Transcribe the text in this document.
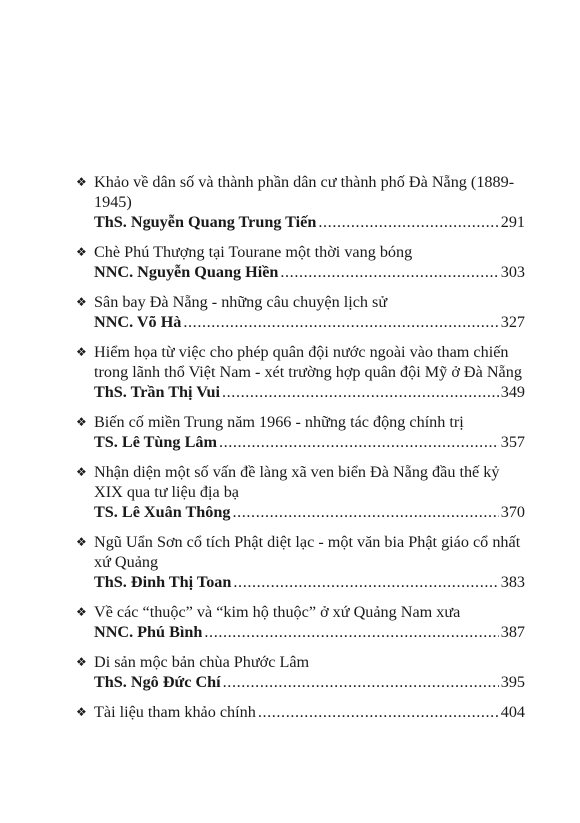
❖ Khảo về dân số và thành phần dân cư thành phố Đà Nẵng (1889-1945)
ThS. Nguyễn Quang Trung Tiến .....	291
❖ Chè Phú Thượng tại Tourane một thời vang bóng
NNC. Nguyễn Quang Hiền .....	303
❖ Sân bay Đà Nẵng - những câu chuyện lịch sử
NNC. Võ Hà .....	327
❖ Hiểm họa từ việc cho phép quân đội nước ngoài vào tham chiến trong lãnh thổ Việt Nam - xét trường hợp quân đội Mỹ ở Đà Nẵng
ThS. Trần Thị Vui .....	349
❖ Biến cố miền Trung năm 1966 - những tác động chính trị
TS. Lê Tùng Lâm .....	357
❖ Nhận diện một số vấn đề làng xã ven biển Đà Nẵng đầu thế kỷ XIX qua tư liệu địa bạ
TS. Lê Xuân Thông .....	370
❖ Ngũ Uẩn Sơn cổ tích Phật diệt lạc - một văn bia Phật giáo cổ nhất xứ Quảng
ThS. Đinh Thị Toan .....	383
❖ Về các “thuộc” và “kim hộ thuộc” ở xứ Quảng Nam xưa
NNC. Phú Bình .....	387
❖ Di sản mộc bản chùa Phước Lâm
ThS. Ngô Đức Chí .....	395
❖ Tài liệu tham khảo chính .....	404
